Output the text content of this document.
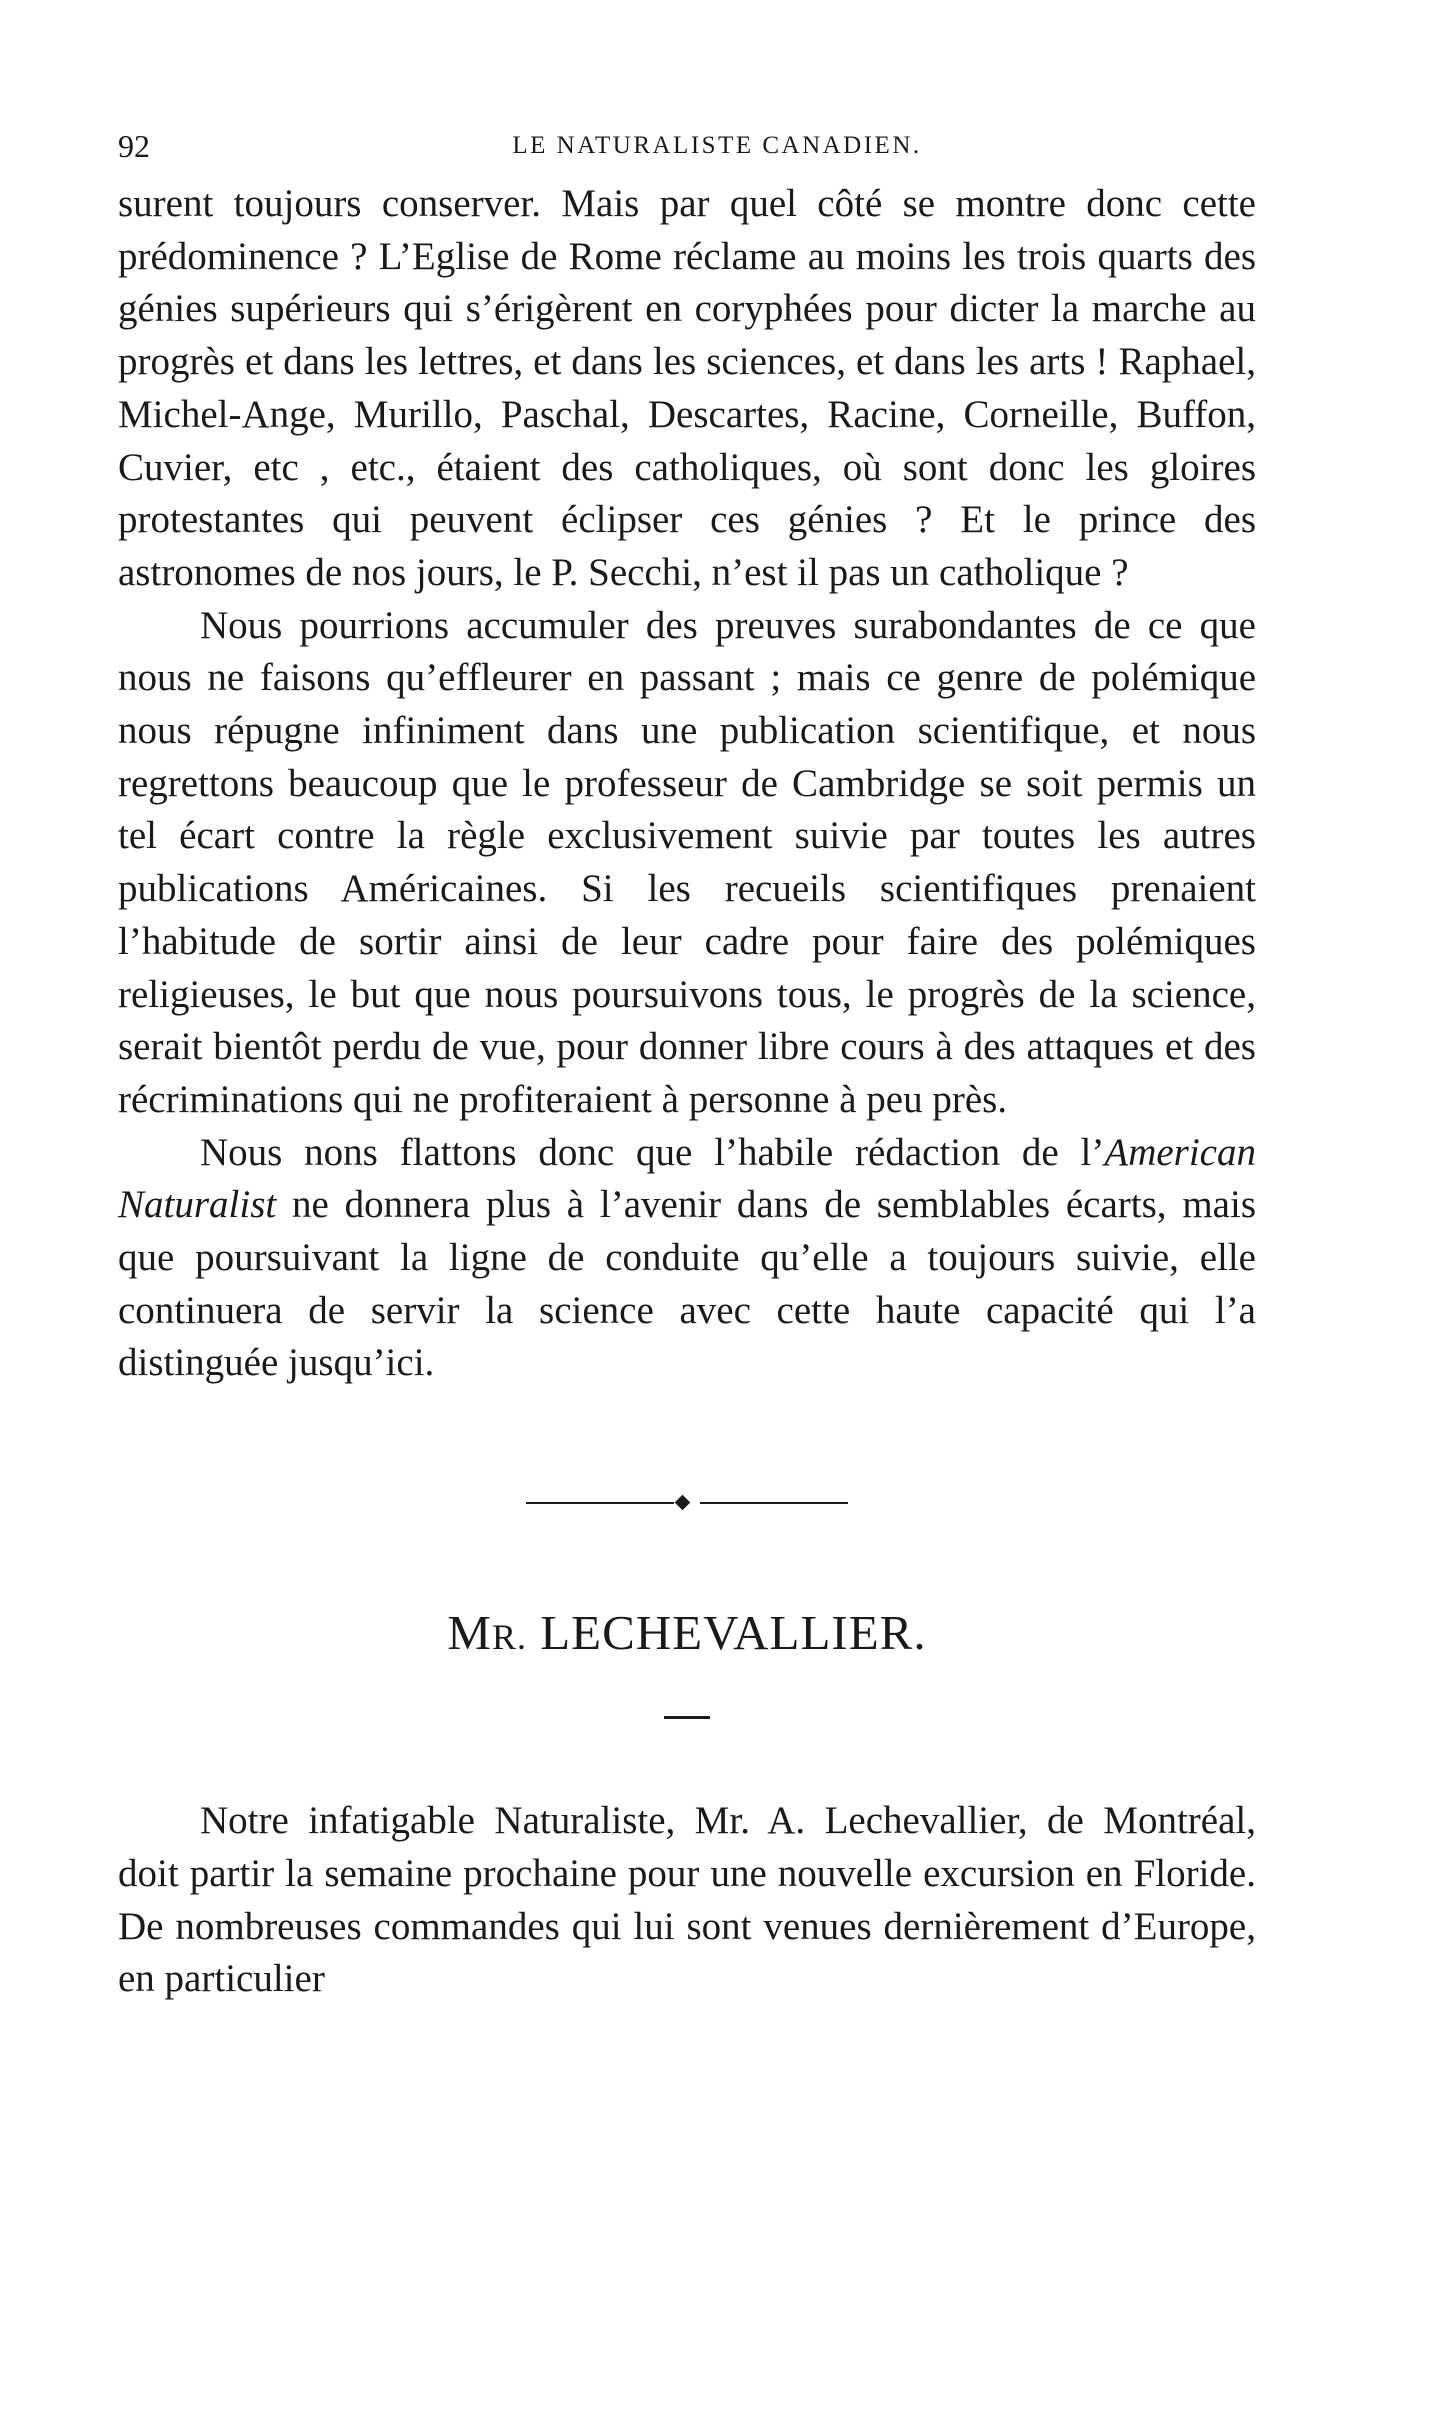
92	LE NATURALISTE CANADIEN.

surent toujours conserver. Mais par quel côté se montre donc cette prédominence ? L’Eglise de Rome réclame au moins les trois quarts des génies supérieurs qui s’érigèrent en coryphées pour dicter la marche au progrès et dans les lettres, et dans les sciences, et dans les arts ! Raphael, Michel-Ange, Murillo, Paschal, Descartes, Racine, Corneille, Buffon, Cuvier, etc , etc., étaient des catholiques, où sont donc les gloires protestantes qui peuvent éclipser ces génies ? Et le prince des astronomes de nos jours, le P. Secchi, n’est il pas un catholique ?

Nous pourrions accumuler des preuves surabondantes de ce que nous ne faisons qu’effleurer en passant ; mais ce genre de polémique nous répugne infiniment dans une publication scientifique, et nous regrettons beaucoup que le professeur de Cambridge se soit permis un tel écart contre la règle exclusivement suivie par toutes les autres publications Américaines. Si les recueils scientifiques prenaient l’habitude de sortir ainsi de leur cadre pour faire des polémiques religieuses, le but que nous poursuivons tous, le progrès de la science, serait bientôt perdu de vue, pour donner libre cours à des attaques et des récriminations qui ne profiteraient à personne à peu près.

Nous nons flattons donc que l’habile rédaction de l’American Naturalist ne donnera plus à l’avenir dans de semblables écarts, mais que poursuivant la ligne de conduite qu’elle a toujours suivie, elle continuera de servir la science avec cette haute capacité qui l’a distinguée jusqu’ici.

MR. LECHEVALLIER.

Notre infatigable Naturaliste, Mr. A. Lechevallier, de Montréal, doit partir la semaine prochaine pour une nouvelle excursion en Floride. De nombreuses commandes qui lui sont venues dernièrement d’Europe, en particulier
